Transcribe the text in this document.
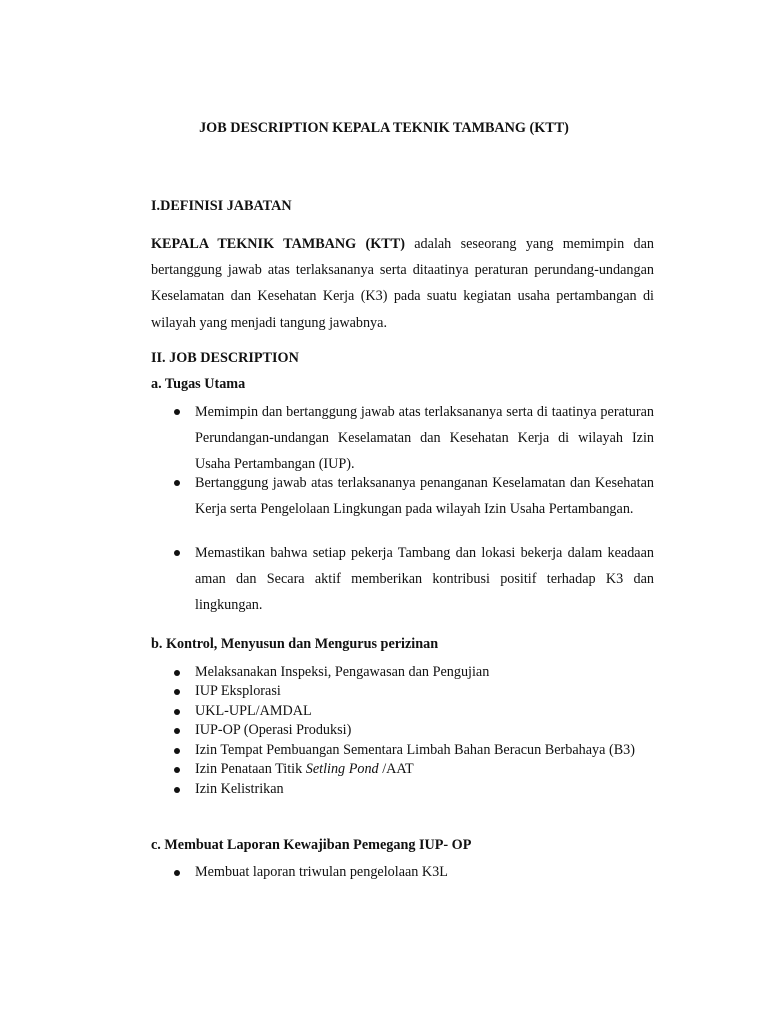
JOB DESCRIPTION KEPALA TEKNIK TAMBANG (KTT)
I.DEFINISI JABATAN
KEPALA TEKNIK TAMBANG (KTT) adalah seseorang yang memimpin dan bertanggung jawab atas terlaksananya serta ditaatinya peraturan perundang-undangan Keselamatan dan Kesehatan Kerja (K3) pada suatu kegiatan usaha pertambangan di wilayah yang menjadi tangung jawabnya.
II. JOB DESCRIPTION
a. Tugas Utama
Memimpin dan bertanggung jawab atas terlaksananya serta di taatinya peraturan Perundangan-undangan Keselamatan dan Kesehatan Kerja di wilayah Izin Usaha Pertambangan (IUP).
Bertanggung jawab atas terlaksananya penanganan Keselamatan dan Kesehatan Kerja serta Pengelolaan Lingkungan pada wilayah Izin Usaha Pertambangan.
Memastikan bahwa setiap pekerja Tambang dan lokasi bekerja dalam keadaan aman dan Secara aktif memberikan kontribusi positif terhadap K3 dan lingkungan.
b. Kontrol, Menyusun dan Mengurus perizinan
Melaksanakan Inspeksi, Pengawasan dan Pengujian
IUP Eksplorasi
UKL-UPL/AMDAL
IUP-OP (Operasi Produksi)
Izin Tempat Pembuangan Sementara Limbah Bahan Beracun Berbahaya (B3)
Izin Penataan Titik Setling Pond /AAT
Izin Kelistrikan
c. Membuat Laporan Kewajiban Pemegang IUP- OP
Membuat laporan triwulan pengelolaan K3L
